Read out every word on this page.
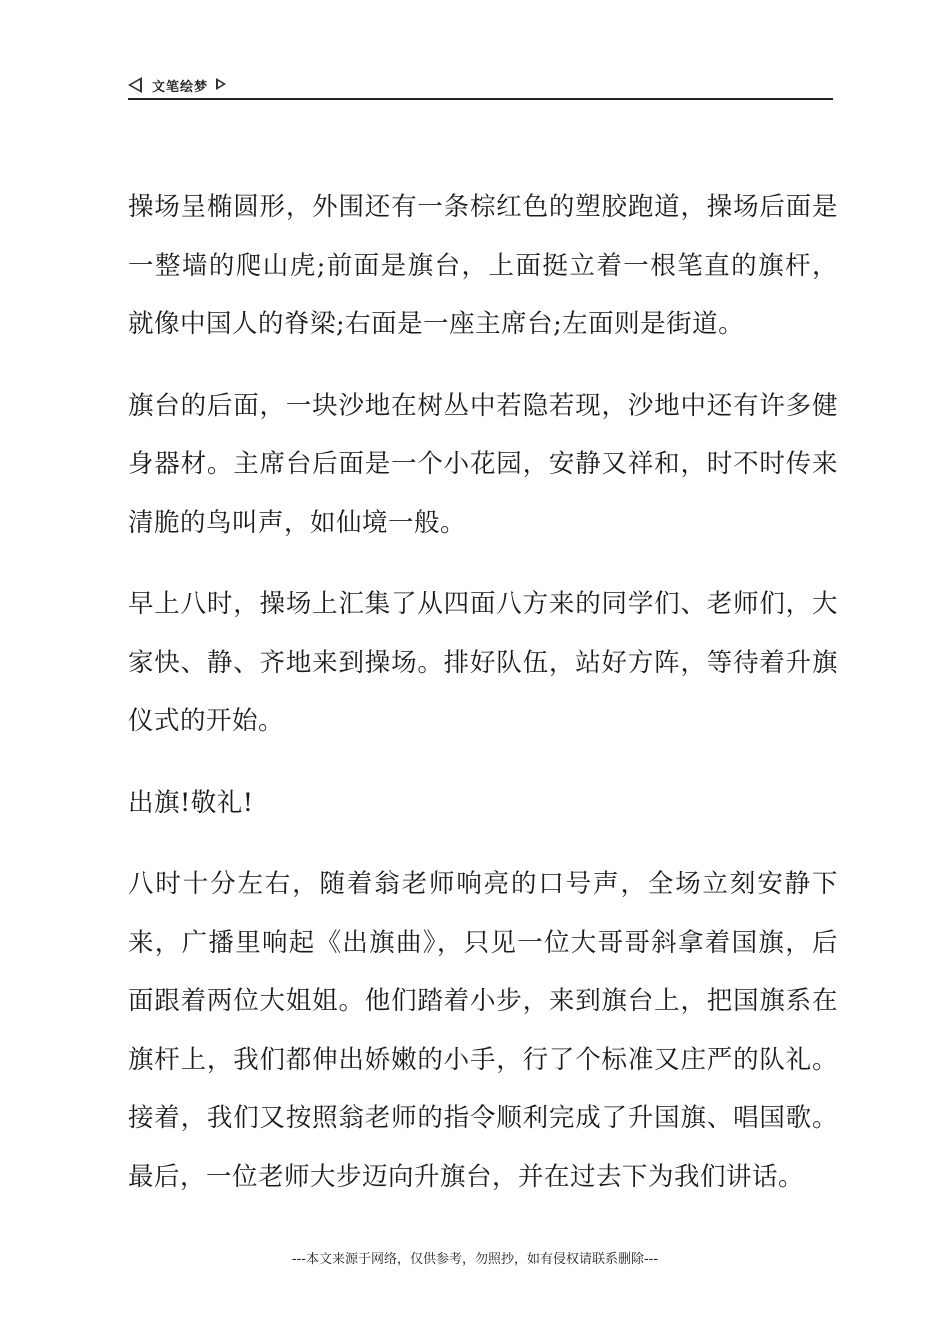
文笔绘梦

操场呈椭圆形，外围还有一条棕红色的塑胶跑道，操场后面是一整墙的爬山虎;前面是旗台，上面挺立着一根笔直的旗杆，就像中国人的脊梁;右面是一座主席台;左面则是街道。

旗台的后面，一块沙地在树丛中若隐若现，沙地中还有许多健身器材。主席台后面是一个小花园，安静又祥和，时不时传来清脆的鸟叫声，如仙境一般。

早上八时，操场上汇集了从四面八方来的同学们、老师们，大家快、静、齐地来到操场。排好队伍，站好方阵，等待着升旗仪式的开始。

出旗!敬礼!

八时十分左右，随着翁老师响亮的口号声，全场立刻安静下来，广播里响起《出旗曲》，只见一位大哥哥斜拿着国旗，后面跟着两位大姐姐。他们踏着小步，来到旗台上，把国旗系在旗杆上，我们都伸出娇嫩的小手，行了个标准又庄严的队礼。接着，我们又按照翁老师的指令顺利完成了升国旗、唱国歌。最后，一位老师大步迈向升旗台，并在过去下为我们讲话。

---本文来源于网络，仅供参考，勿照抄，如有侵权请联系删除---
